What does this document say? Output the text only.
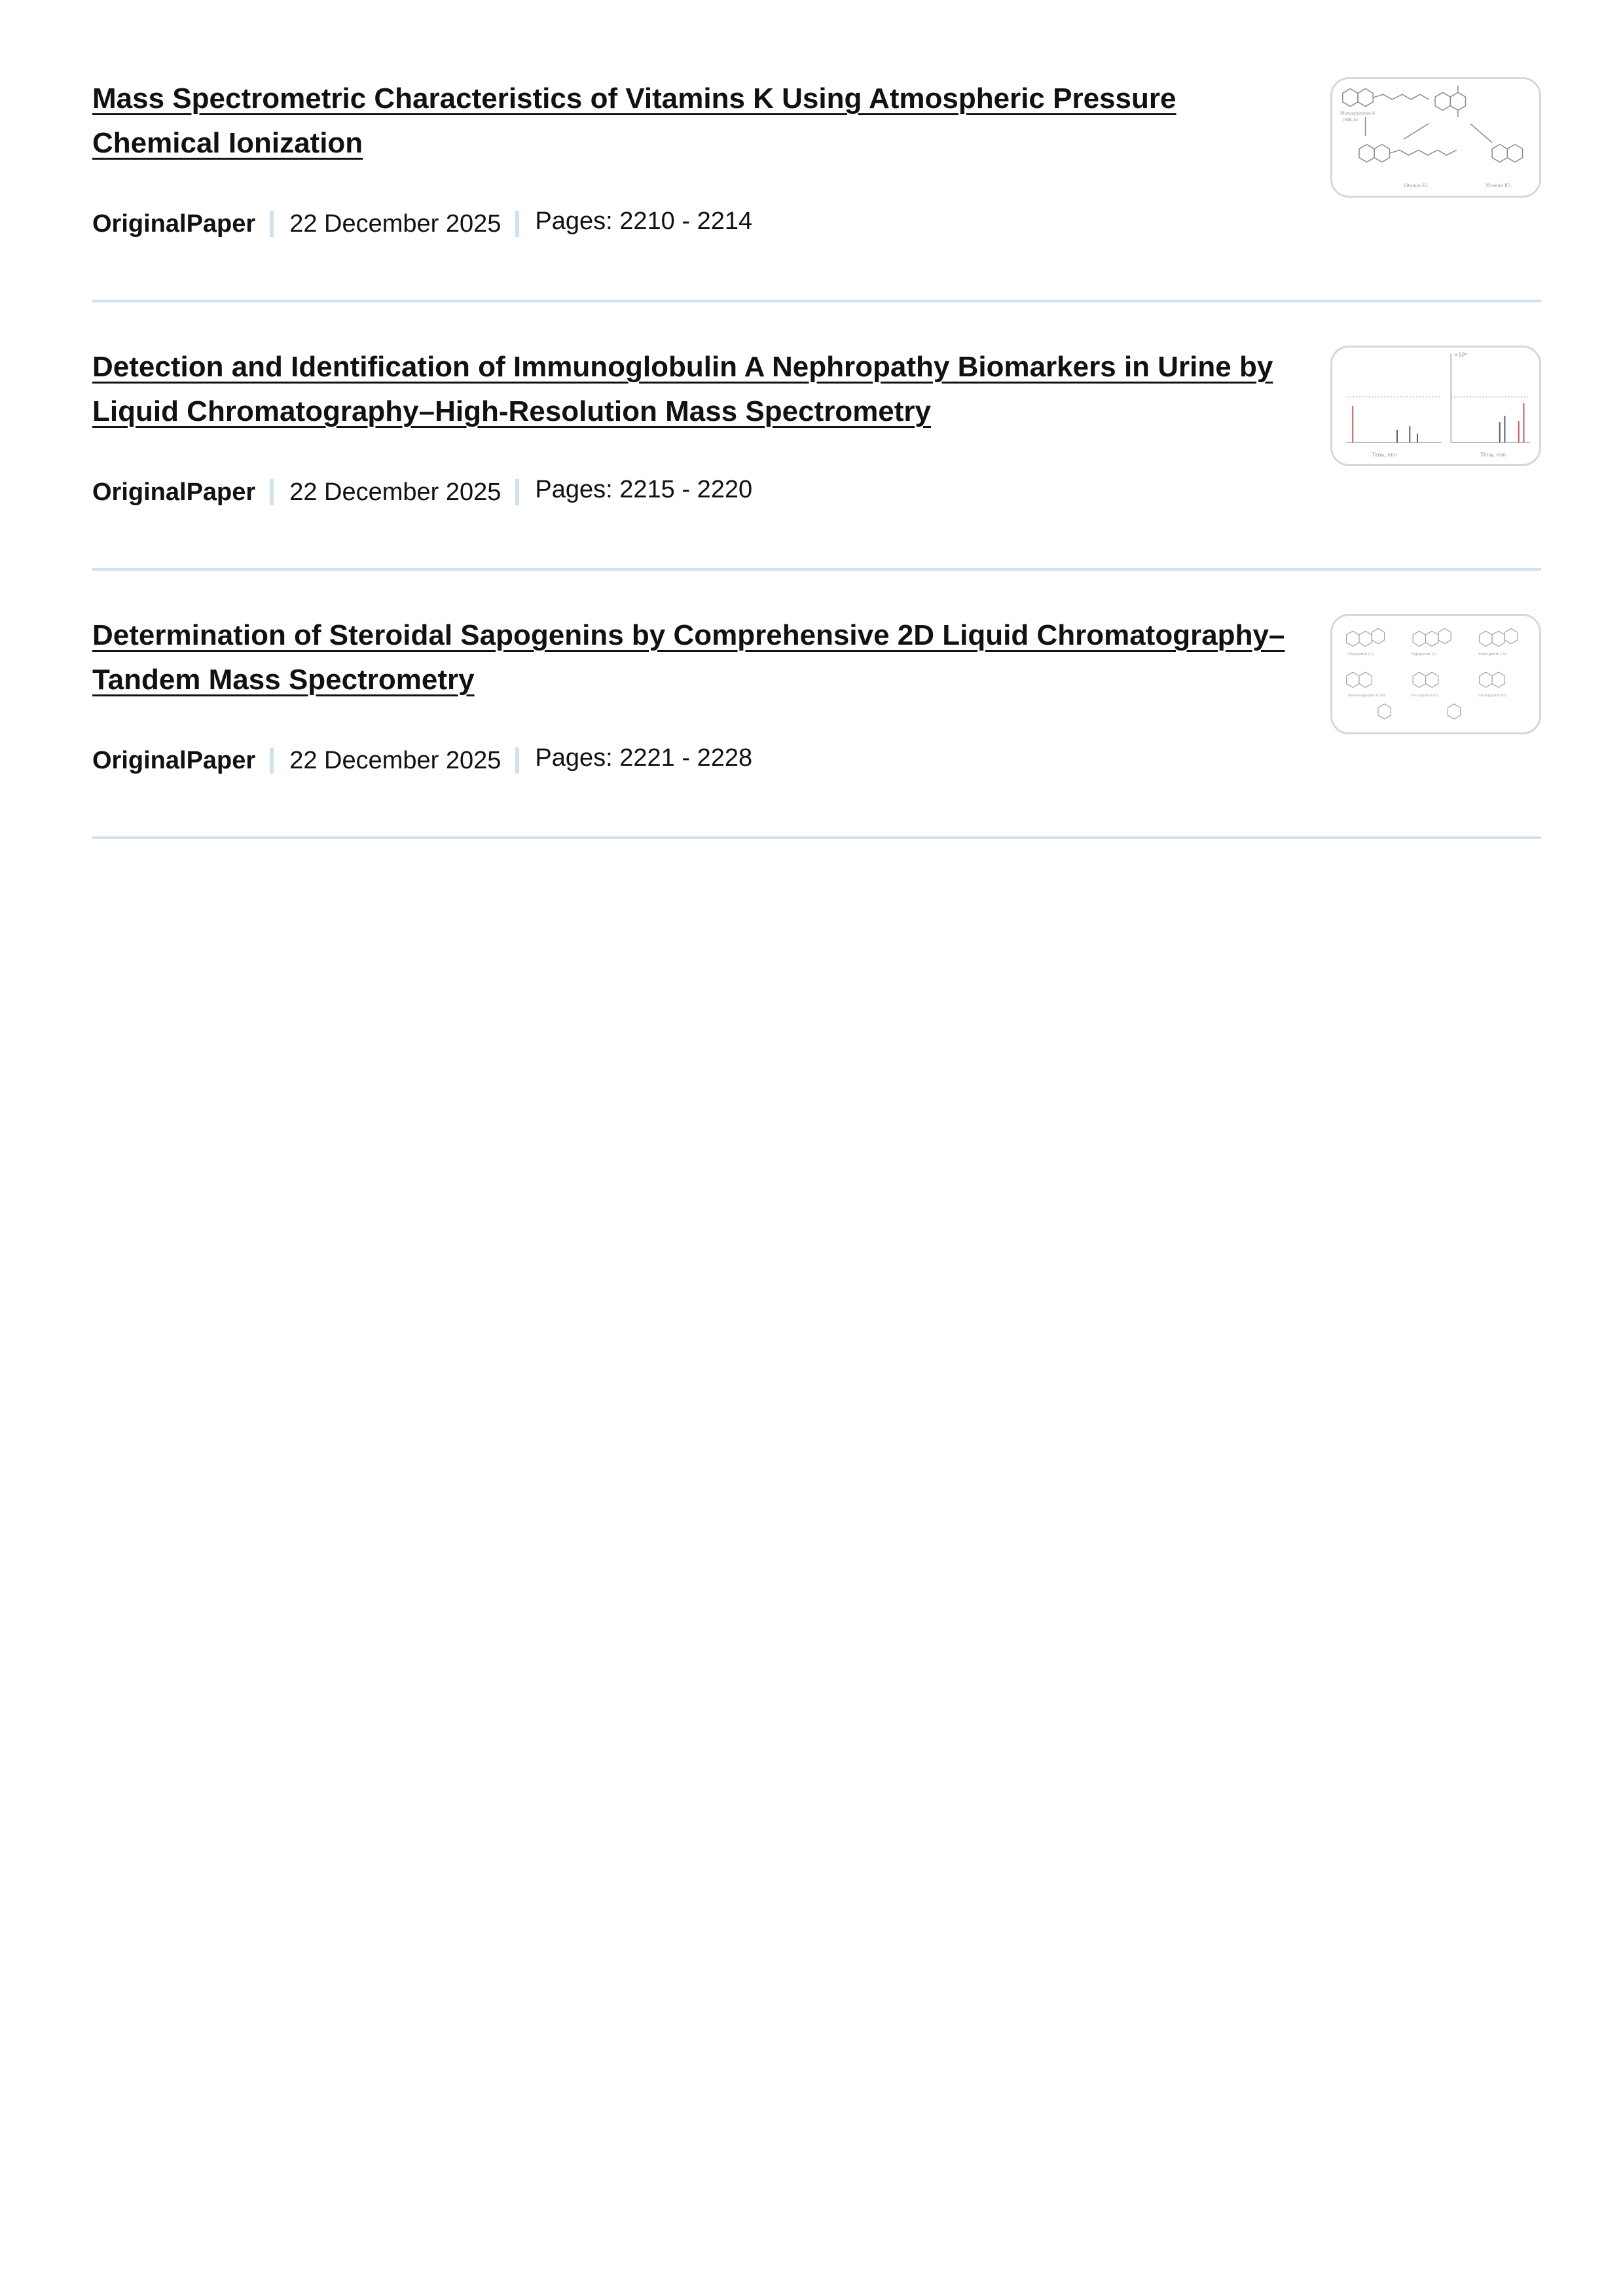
Mass Spectrometric Characteristics of Vitamins K Using Atmospheric Pressure Chemical Ionization
OriginalPaper 22 December 2025 Pages: 2210 - 2214
Menaquinone-4
(MK-4)
Vitamin K1	Vitamin K3
Detection and Identification of Immunoglobulin A Nephropathy Biomarkers in Urine by Liquid Chromatography–High-Resolution Mass Spectrometry
OriginalPaper 22 December 2025 Pages: 2215 - 2220
Time, min	Time, min
×10⁶
Determination of Steroidal Sapogenins by Comprehensive 2D Liquid Chromatography–Tandem Mass Spectrometry
OriginalPaper 22 December 2025 Pages: 2221 - 2228
Diosgenin (1)	Tigogenin (2)	Yamogenin (3)
Sarsasapogenin (4)	Hecogenin (5)	Smilagenin (6)
